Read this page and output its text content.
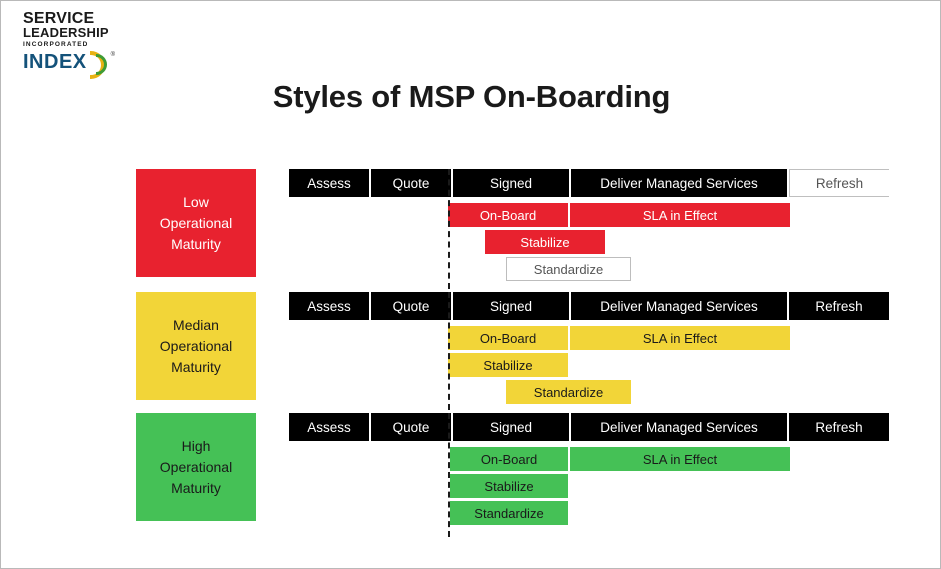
SERVICE
LEADERSHIP
INCORPORATED
INDEX	®
Styles of MSP On-Boarding
Low
Operational
Maturity
Assess	Quote	Signed	Deliver Managed Services	Refresh
On-Board	SLA in Effect
Stabilize
Standardize
Median
Operational
Maturity
Assess	Quote	Signed	Deliver Managed Services	Refresh
On-Board	SLA in Effect
Stabilize
Standardize
High
Operational
Maturity
Assess	Quote	Signed	Deliver Managed Services	Refresh
On-Board	SLA in Effect
Stabilize
Standardize
